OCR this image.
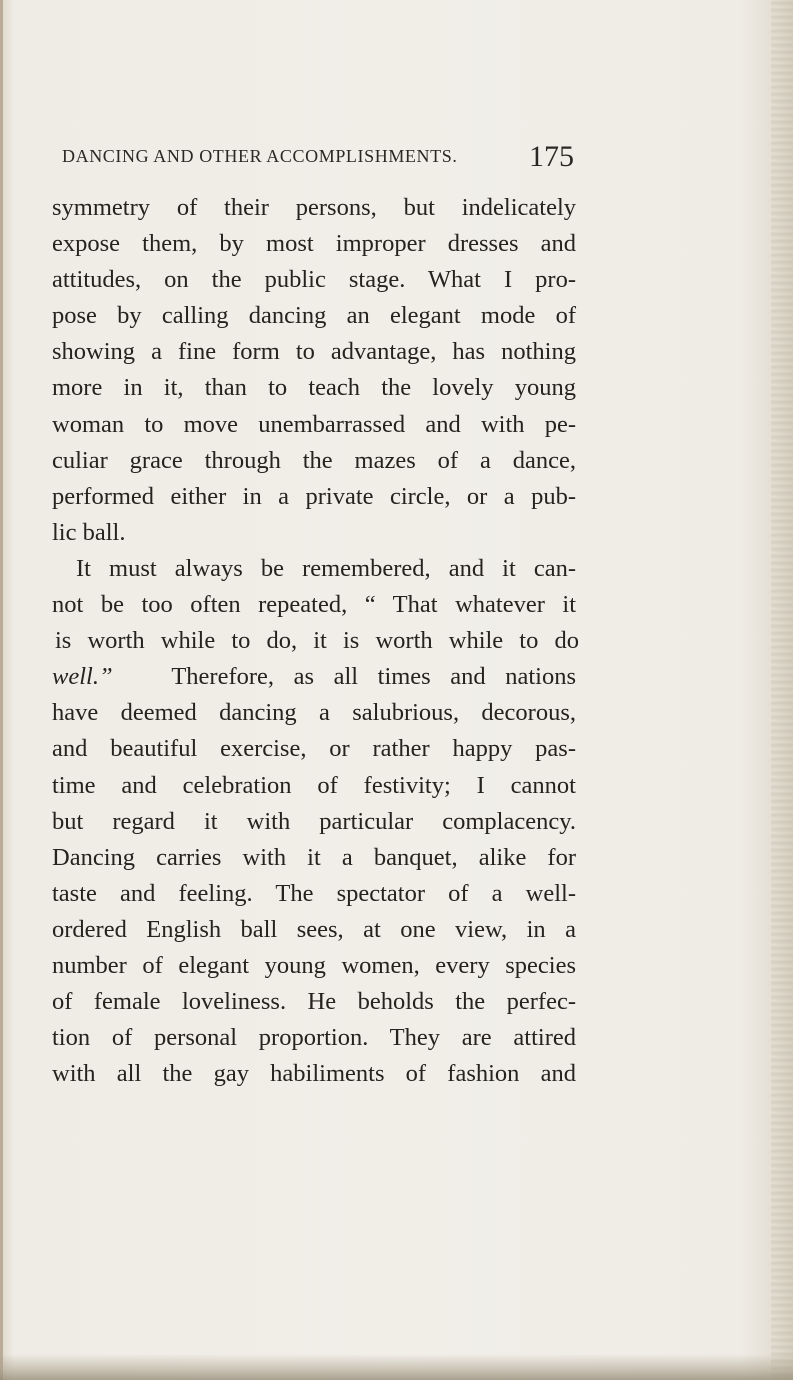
DANCING AND OTHER ACCOMPLISHMENTS. 175
symmetry of their persons, but indelicately
expose them, by most improper dresses and
attitudes, on the public stage. What I pro-
pose by calling dancing an elegant mode of
showing a fine form to advantage, has nothing
more in it, than to teach the lovely young
woman to move unembarrassed and with pe-
culiar grace through the mazes of a dance,
performed either in a private circle, or a pub-
lic ball.
It must always be remembered, and it can-
not be too often repeated, “ That whatever it
is worth while to do, it is worth while to do
well.” Therefore, as all times and nations
have deemed dancing a salubrious, decorous,
and beautiful exercise, or rather happy pas-
time and celebration of festivity; I cannot
but regard it with particular complacency.
Dancing carries with it a banquet, alike for
taste and feeling. The spectator of a well-
ordered English ball sees, at one view, in a
number of elegant young women, every species
of female loveliness. He beholds the perfec-
tion of personal proportion. They are attired
with all the gay habiliments of fashion and
